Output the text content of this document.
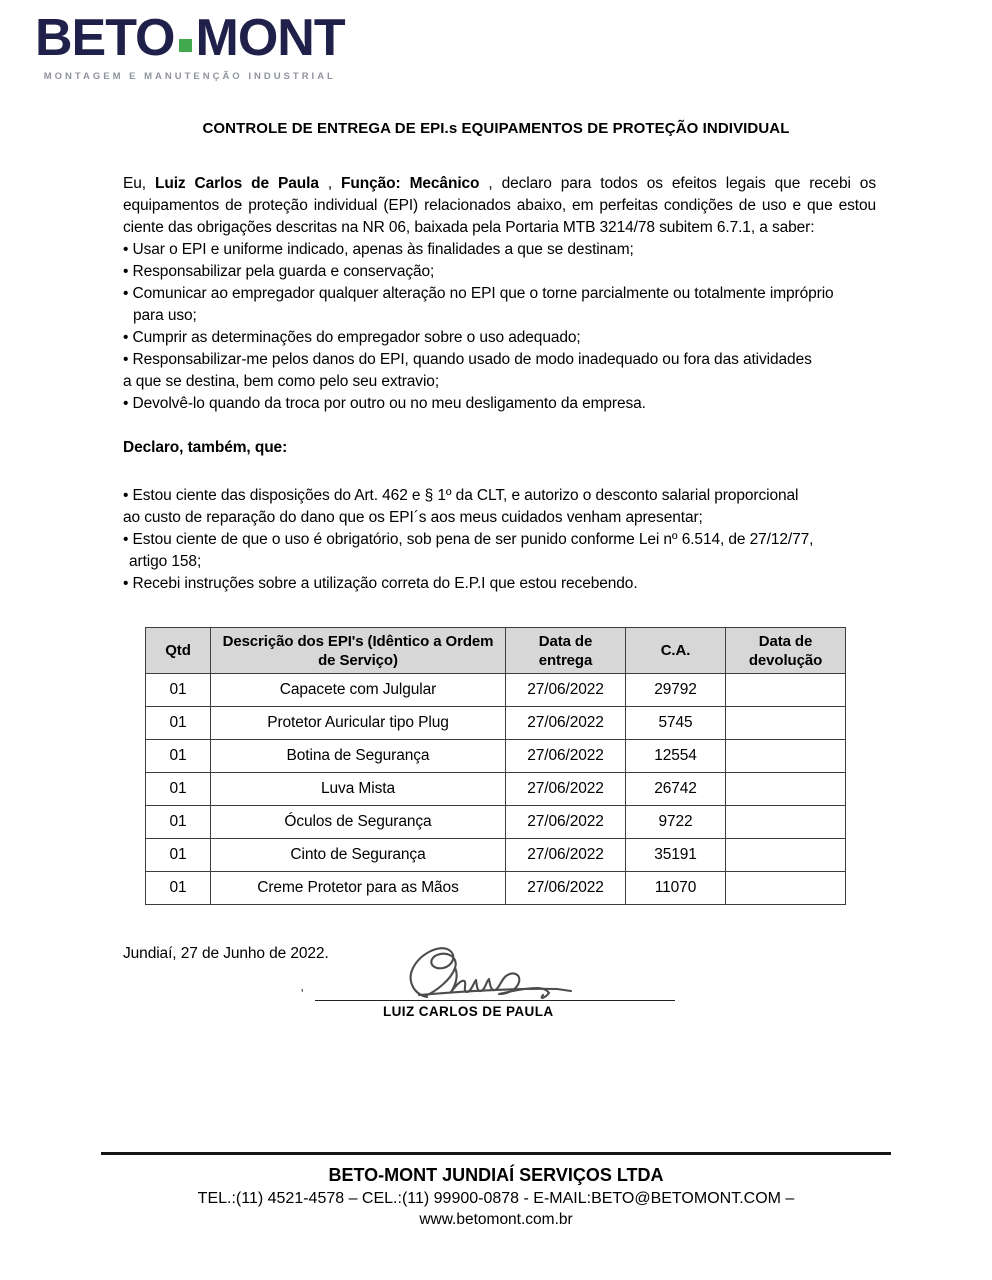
BETO MONT
MONTAGEM E MANUTENÇÃO INDUSTRIAL
CONTROLE DE ENTREGA DE EPI.s EQUIPAMENTOS DE PROTEÇÃO INDIVIDUAL

Eu, Luiz Carlos de Paula , Função: Mecânico , declaro para todos os efeitos legais que recebi os equipamentos de proteção individual (EPI) relacionados abaixo, em perfeitas condições de uso e que estou ciente das obrigações descritas na NR 06, baixada pela Portaria MTB 3214/78 subitem 6.7.1, a saber:

• Usar o EPI e uniforme indicado, apenas às finalidades a que se destinam;
• Responsabilizar pela guarda e conservação;
• Comunicar ao empregador qualquer alteração no EPI que o torne parcialmente ou totalmente impróprio
para uso;
• Cumprir as determinações do empregador sobre o uso adequado;
• Responsabilizar-me pelos danos do EPI, quando usado de modo inadequado ou fora das atividades
a que se destina, bem como pelo seu extravio;
• Devolvê-lo quando da troca por outro ou no meu desligamento da empresa.
Declaro, também, que:
• Estou ciente das disposições do Art. 462 e § 1º da CLT, e autorizo o desconto salarial proporcional
ao custo de reparação do dano que os EPI´s aos meus cuidados venham apresentar;
• Estou ciente de que o uso é obrigatório, sob pena de ser punido conforme Lei nº 6.514, de 27/12/77,
artigo 158;
• Recebi instruções sobre a utilização correta do E.P.I que estou recebendo.
Qtd	Descrição dos EPI's (Idêntico a Ordem de Serviço)	Data de entrega	C.A.	Data de devolução
01	Capacete com Julgular	27/06/2022	29792	
01	Protetor Auricular tipo Plug	27/06/2022	5745	
01	Botina de Segurança	27/06/2022	12554	
01	Luva Mista	27/06/2022	26742	
01	Óculos de Segurança	27/06/2022	9722	
01	Cinto de Segurança	27/06/2022	35191	
01	Creme Protetor para as Mãos	27/06/2022	11070	
Jundiaí, 27 de Junho de 2022.
'
LUIZ CARLOS DE PAULA
BETO-MONT JUNDIAÍ SERVIÇOS LTDA
TEL.:(11) 4521-4578 – CEL.:(11) 99900-0878 - E-MAIL:BETO@BETOMONT.COM –
www.betomont.com.br
